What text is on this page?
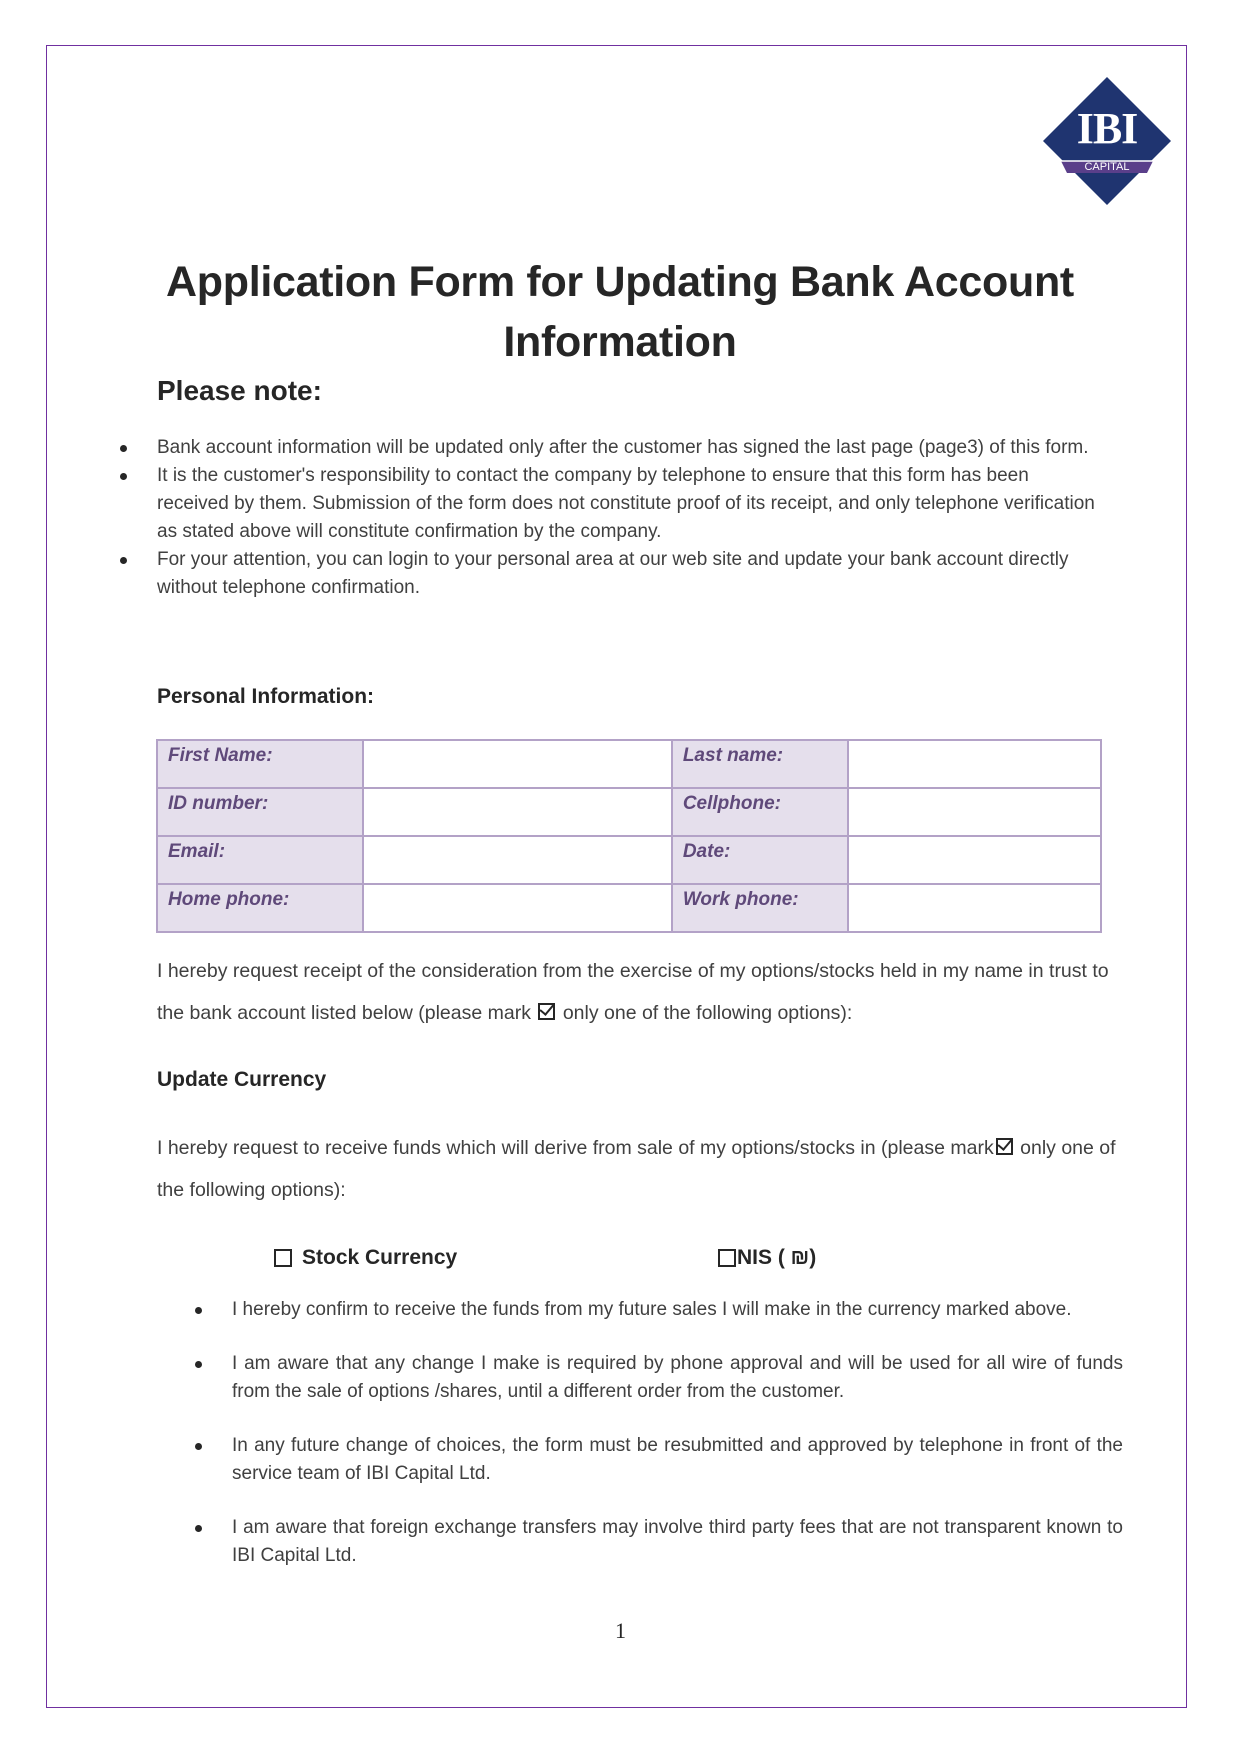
IBI
CAPITAL
Application Form for Updating Bank Account Information
Please note:
Bank account information will be updated only after the customer has signed the last page (page3) of this form.
It is the customer's responsibility to contact the company by telephone to ensure that this form has been received by them. Submission of the form does not constitute proof of its receipt, and only telephone verification as stated above will constitute confirmation by the company.
For your attention, you can login to your personal area at our web site and update your bank account directly without telephone confirmation.
Personal Information:
First Name:		Last name:	
ID number:		Cellphone:	
Email:		Date:	
Home phone:		Work phone:	
I hereby request receipt of the consideration from the exercise of my options/stocks held in my name in trust to the bank account listed below (please mark only one of the following options):
Update Currency
I hereby request to receive funds which will derive from sale of my options/stocks in (please mark only one of the following options):
Stock Currency	NIS ( ₪)
I hereby confirm to receive the funds from my future sales I will make in the currency marked above.
I am aware that any change I make is required by phone approval and will be used for all wire of funds from the sale of options /shares, until a different order from the customer.
In any future change of choices, the form must be resubmitted and approved by telephone in front of the service team of IBI Capital Ltd.
I am aware that foreign exchange transfers may involve third party fees that are not transparent known to IBI Capital Ltd.
1
